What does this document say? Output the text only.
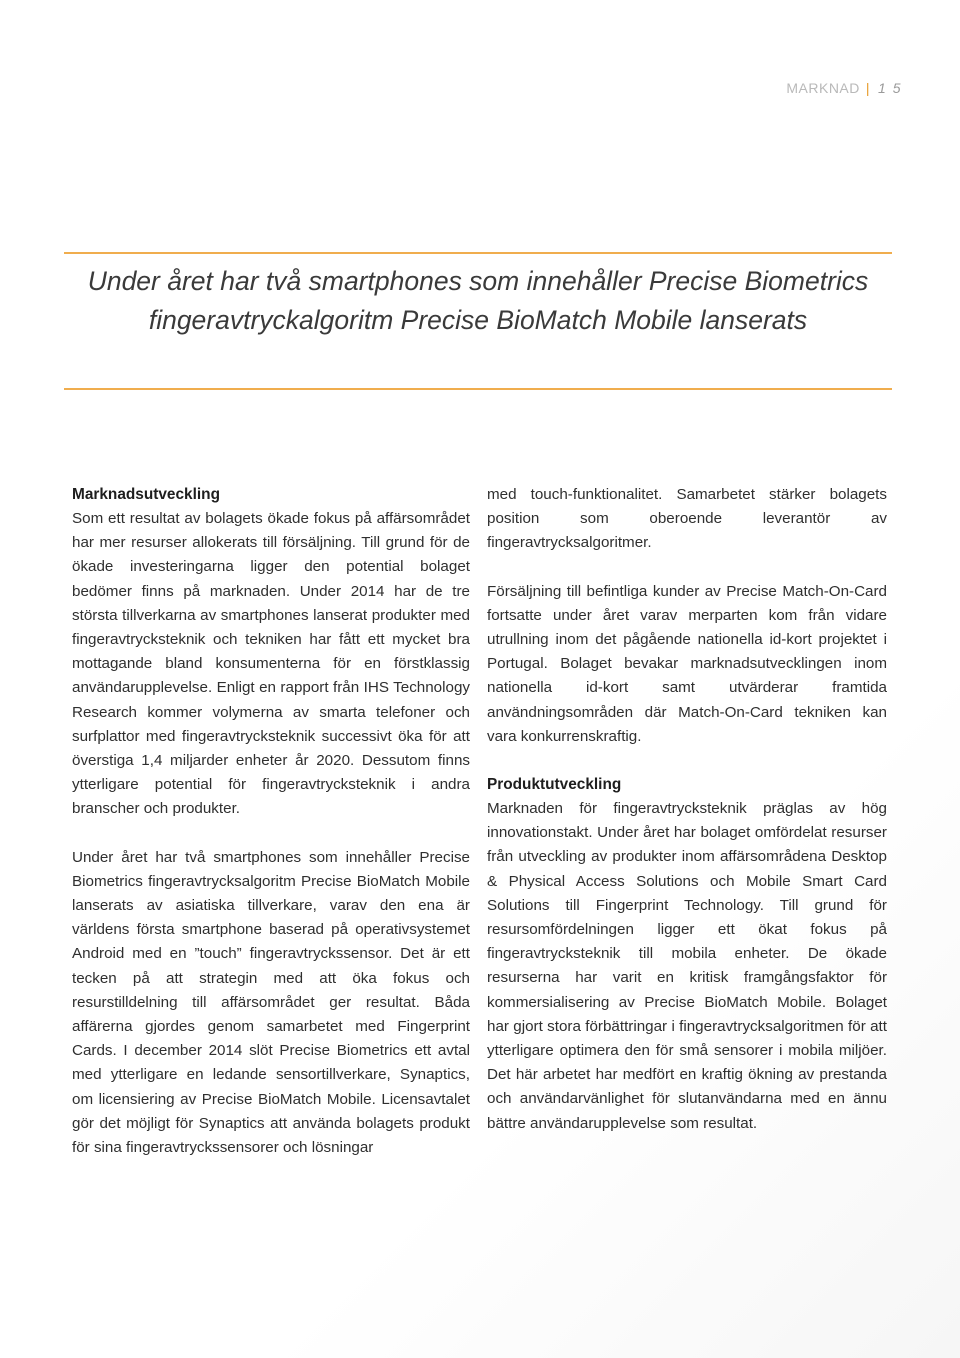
MARKNAD | 1 5
Under året har två smartphones som innehåller Precise Biometrics fingeravtryckalgoritm Precise BioMatch Mobile lanserats
Marknadsutveckling

Som ett resultat av bolagets ökade fokus på affärsområdet har mer resurser allokerats till försäljning. Till grund för de ökade investeringarna ligger den potential bolaget bedömer finns på marknaden. Under 2014 har de tre största tillverkarna av smartphones lanserat produkter med fingeravtrycksteknik och tekniken har fått ett mycket bra mottagande bland konsumenterna för en förstklassig användarupplevelse. Enligt en rapport från IHS Technology Research kommer volymerna av smarta telefoner och surfplattor med fingeravtrycksteknik successivt öka för att överstiga 1,4 miljarder enheter år 2020. Dessutom finns ytterligare potential för fingeravtrycksteknik i andra branscher och produkter.

Under året har två smartphones som innehåller Precise Biometrics fingeravtrycksalgoritm Precise BioMatch Mobile lanserats av asiatiska tillverkare, varav den ena är världens första smartphone baserad på operativsystemet Android med en ”touch” fingeravtryckssensor. Det är ett tecken på att strategin med att öka fokus och resurstilldelning till affärsområdet ger resultat. Båda affärerna gjordes genom samarbetet med Fingerprint Cards. I december 2014 slöt Precise Biometrics ett avtal med ytterligare en ledande sensortillverkare, Synaptics, om licensiering av Precise BioMatch Mobile. Licensavtalet gör det möjligt för Synaptics att använda bolagets produkt för sina fingeravtryckssensorer och lösningar

med touch-funktionalitet. Samarbetet stärker bolagets position som oberoende leverantör av fingeravtrycksalgoritmer.

Försäljning till befintliga kunder av Precise Match-On-Card fortsatte under året varav merparten kom från vidare utrullning inom det pågående nationella id-kort projektet i Portugal. Bolaget bevakar marknadsutvecklingen inom nationella id-kort samt utvärderar framtida användningsområden där Match-On-Card tekniken kan vara konkurrenskraftig.

Produktutveckling

Marknaden för fingeravtrycksteknik präglas av hög innovationstakt. Under året har bolaget omfördelat resurser från utveckling av produkter inom affärsområdena Desktop & Physical Access Solutions och Mobile Smart Card Solutions till Fingerprint Technology. Till grund för resursomfördelningen ligger ett ökat fokus på fingeravtrycksteknik till mobila enheter. De ökade resurserna har varit en kritisk framgångsfaktor för kommersialisering av Precise BioMatch Mobile. Bolaget har gjort stora förbättringar i fingeravtrycksalgoritmen för att ytterligare optimera den för små sensorer i mobila miljöer. Det här arbetet har medfört en kraftig ökning av prestanda och användarvänlighet för slutanvändarna med en ännu bättre användarupplevelse som resultat.
